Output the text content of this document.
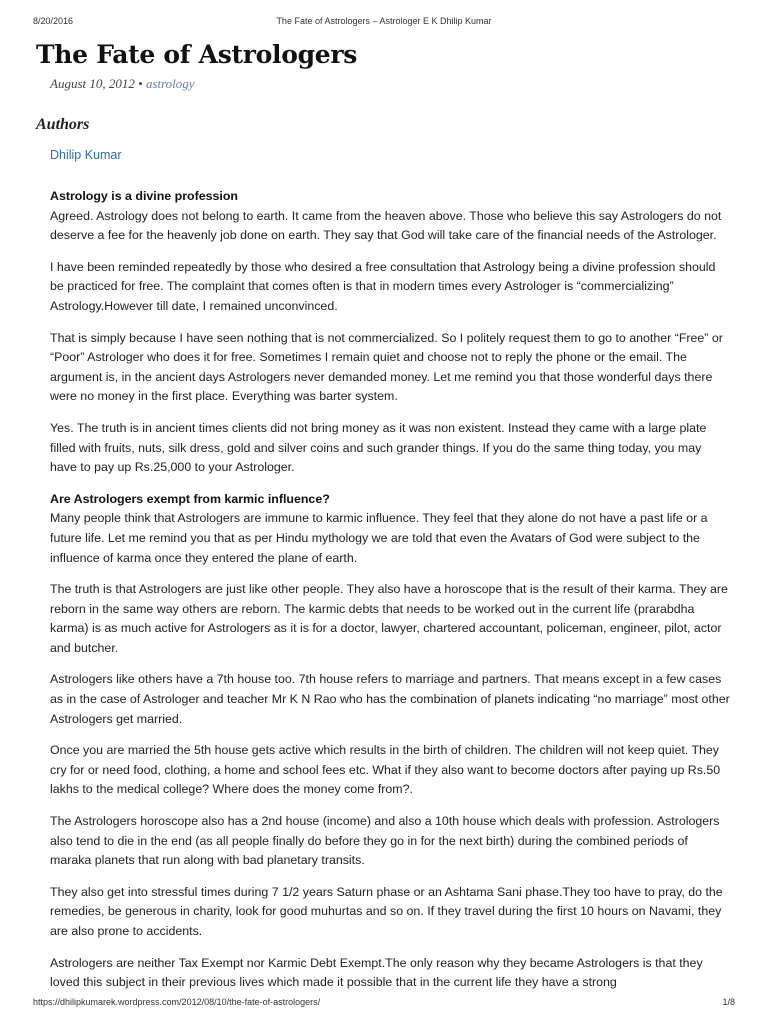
8/20/2016	The Fate of Astrologers – Astrologer E K Dhilip Kumar
The Fate of Astrologers
August 10, 2012 • astrology
Authors
Dhilip Kumar

Astrology is a divine profession

Agreed. Astrology does not belong to earth. It came from the heaven above. Those who believe this say Astrologers do not deserve a fee for the heavenly job done on earth. They say that God will take care of the financial needs of the Astrologer.

I have been reminded repeatedly by those who desired a free consultation that Astrology being a divine profession should be practiced for free. The complaint that comes often is that in modern times every Astrologer is “commercializing” Astrology.However till date, I remained unconvinced.

That is simply because I have seen nothing that is not commercialized. So I politely request them to go to another “Free” or “Poor” Astrologer who does it for free. Sometimes I remain quiet and choose not to reply the phone or the email. The argument is, in the ancient days Astrologers never demanded money. Let me remind you that those wonderful days there were no money in the first place. Everything was barter system.

Yes. The truth is in ancient times clients did not bring money as it was non existent. Instead they came with a large plate filled with fruits, nuts, silk dress, gold and silver coins and such grander things. If you do the same thing today, you may have to pay up Rs.25,000 to your Astrologer.

Are Astrologers exempt from karmic influence?

Many people think that Astrologers are immune to karmic influence. They feel that they alone do not have a past life or a future life. Let me remind you that as per Hindu mythology we are told that even the Avatars of God were subject to the influence of karma once they entered the plane of earth.

The truth is that Astrologers are just like other people. They also have a horoscope that is the result of their karma. They are reborn in the same way others are reborn. The karmic debts that needs to be worked out in the current life (prarabdha karma) is as much active for Astrologers as it is for a doctor, lawyer, chartered accountant, policeman, engineer, pilot, actor and butcher.

Astrologers like others have a 7th house too. 7th house refers to marriage and partners. That means except in a few cases as in the case of Astrologer and teacher Mr K N Rao who has the combination of planets indicating “no marriage” most other Astrologers get married.

Once you are married the 5th house gets active which results in the birth of children. The children will not keep quiet. They cry for or need food, clothing, a home and school fees etc. What if they also want to become doctors after paying up Rs.50 lakhs to the medical college? Where does the money come from?.

The Astrologers horoscope also has a 2nd house (income) and also a 10th house which deals with profession. Astrologers also tend to die in the end (as all people finally do before they go in for the next birth) during the combined periods of maraka planets that run along with bad planetary transits.

They also get into stressful times during 7 1/2 years Saturn phase or an Ashtama Sani phase.They too have to pray, do the remedies, be generous in charity, look for good muhurtas and so on. If they travel during the first 10 hours on Navami, they are also prone to accidents.

Astrologers are neither Tax Exempt nor Karmic Debt Exempt.The only reason why they became Astrologers is that they loved this subject in their previous lives which made it possible that in the current life they have a strong

https://dhilipkumarek.wordpress.com/2012/08/10/the-fate-of-astrologers/	1/8
